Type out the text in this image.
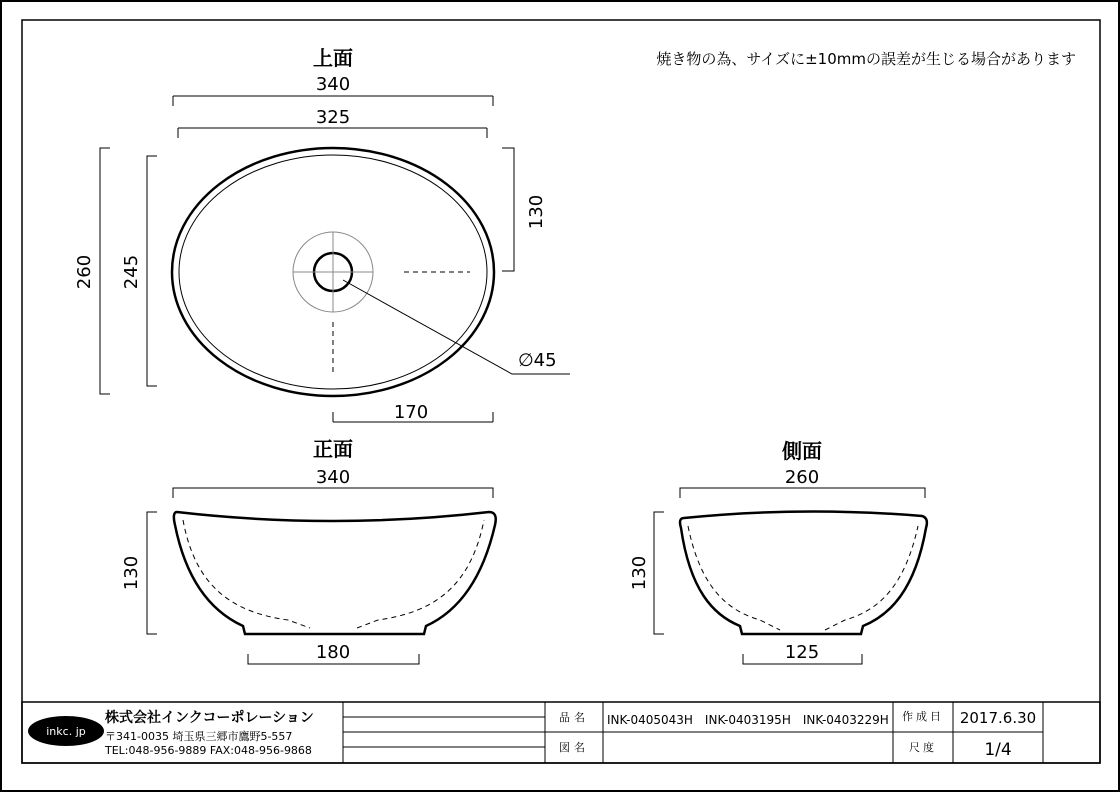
焼き物の為、サイズに±10mmの誤差が生じる場合があります
上面
340
325
130
260 245
∅45
170
正面
340
130
180
側面
260
130
125
inkc. jp
株式会社インクコーポレーション
〒341-0035 埼玉県三郷市鷹野5-557
TEL:048-956-9889 FAX:048-956-9868
品名 INK-0405043H　INK-0403195H　INK-0403229H
図名
作成日 2017.6.30
尺度	1/4
